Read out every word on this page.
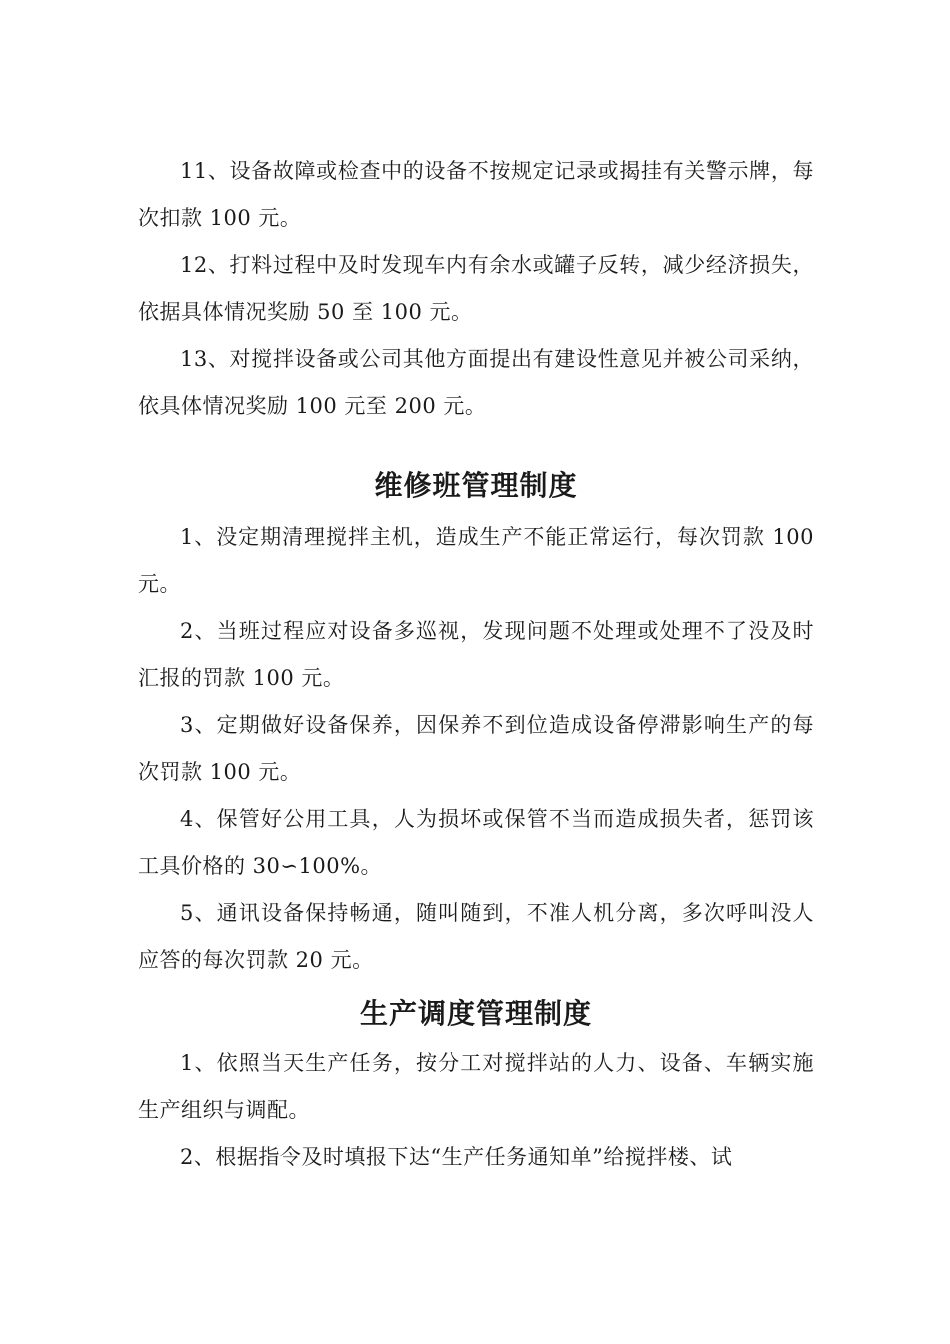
11、设备故障或检查中的设备不按规定记录或揭挂有关警示牌，每次扣款 100 元。

12、打料过程中及时发现车内有余水或罐子反转，减少经济损失，依据具体情况奖励 50 至 100 元。

13、对搅拌设备或公司其他方面提出有建设性意见并被公司采纳，依具体情况奖励 100 元至 200 元。

维修班管理制度

1、没定期清理搅拌主机，造成生产不能正常运行，每次罚款 100 元。

2、当班过程应对设备多巡视，发现问题不处理或处理不了没及时汇报的罚款 100 元。

3、定期做好设备保养，因保养不到位造成设备停滞影响生产的每次罚款 100 元。

4、保管好公用工具，人为损坏或保管不当而造成损失者，惩罚该工具价格的 30∽100%。

5、通讯设备保持畅通，随叫随到，不准人机分离，多次呼叫没人应答的每次罚款 20 元。

生产调度管理制度

1、依照当天生产任务，按分工对搅拌站的人力、设备、车辆实施生产组织与调配。

2、根据指令及时填报下达“生产任务通知单”给搅拌楼、试
